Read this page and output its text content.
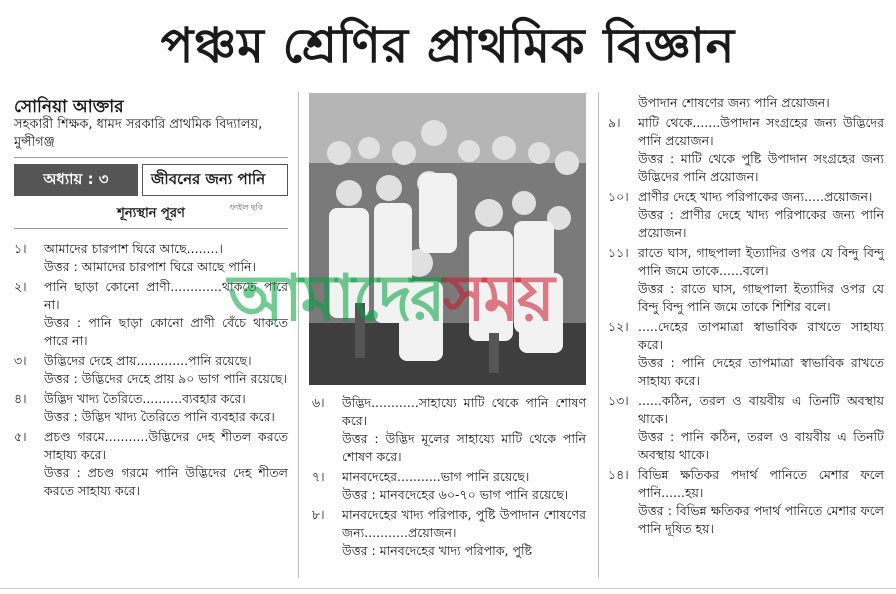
পঞ্চম শ্রেণির প্রাথমিক বিজ্ঞান
সোনিয়া আক্তার
সহকারী শিক্ষক, ধামদ সরকারি প্রাথমিক বিদ্যালয়, মুন্সীগঞ্জ
অধ্যায় : ৩	জীবনের জন্য পানি
শূন্যস্থান পূরণ
১।	আমাদের চারপাশ ঘিরে আছে........।
উত্তর : আমাদের চারপাশ ঘিরে আছে পানি।
২।	পানি ছাড়া কোনো প্রাণী.............থাকতে পারে না।
উত্তর : পানি ছাড়া কোনো প্রাণী বেঁচে থাকতে পারে না।
৩।	উদ্ভিদের দেহে প্রায়.............পানি রয়েছে।
উত্তর : উদ্ভিদের দেহে প্রায় ৯০ ভাগ পানি রয়েছে।
৪।	উদ্ভিদ খাদ্য তৈরিতে..........ব্যবহার করে।
উত্তর : উদ্ভিদ খাদ্য তৈরিতে পানি ব্যবহার করে।
৫।	প্রচণ্ড গরমে...........উদ্ভিদের দেহ শীতল করতে সাহায্য করে।
উত্তর : প্রচণ্ড গরমে পানি উদ্ভিদের দেহ শীতল করতে সাহায্য করে।
ফাইল ছবি
৬।	উদ্ভিদ............সাহায্যে মাটি থেকে পানি শোষণ করে।
উত্তর : উদ্ভিদ মূলের সাহায্যে মাটি থেকে পানি শোষণ করে।
৭।	মানবদেহের...........ভাগ পানি রয়েছে।
উত্তর : মানবদেহের ৬০-৭০ ভাগ পানি রয়েছে।
৮।	মানবদেহের খাদ্য পরিপাক, পুষ্টি উপাদান শোষণের জন্য...........প্রয়োজন।
উত্তর : মানবদেহের খাদ্য পরিপাক, পুষ্টি
উপাদান শোষণের জন্য পানি প্রয়োজন।
৯।	মাটি থেকে.......উপাদান সংগ্রহের জন্য উদ্ভিদের পানি প্রয়োজন।
উত্তর : মাটি থেকে পুষ্টি উপাদান সংগ্রহের জন্য উদ্ভিদের পানি প্রয়োজন।
১০। প্রাণীর দেহে খাদ্য পরিপাকের জন্য.....প্রয়োজন।
উত্তর : প্রাণীর দেহে খাদ্য পরিপাকের জন্য পানি প্রয়োজন।
১১। রাতে ঘাস, গাছপালা ইত্যাদির ওপর যে বিন্দু বিন্দু পানি জমে তাকে......বলে।
উত্তর : রাতে ঘাস, গাছপালা ইত্যাদির ওপর যে বিন্দু বিন্দু পানি জমে তাকে শিশির বলে।
১২। .....দেহের তাপমাত্রা স্বাভাবিক রাখতে সাহায্য করে।
উত্তর : পানি দেহের তাপমাত্রা স্বাভাবিক রাখতে সাহায্য করে।
১৩। ......কঠিন, তরল ও বায়বীয় এ তিনটি অবস্থায় থাকে।
উত্তর : পানি কঠিন, তরল ও বায়বীয় এ তিনটি অবস্থায় থাকে।
১৪। বিভিন্ন ক্ষতিকর পদার্থ পানিতে মেশার ফলে পানি......হয়।
উত্তর : বিভিন্ন ক্ষতিকর পদার্থ পানিতে মেশার ফলে পানি দূষিত হয়।
আমাদেরসময়
